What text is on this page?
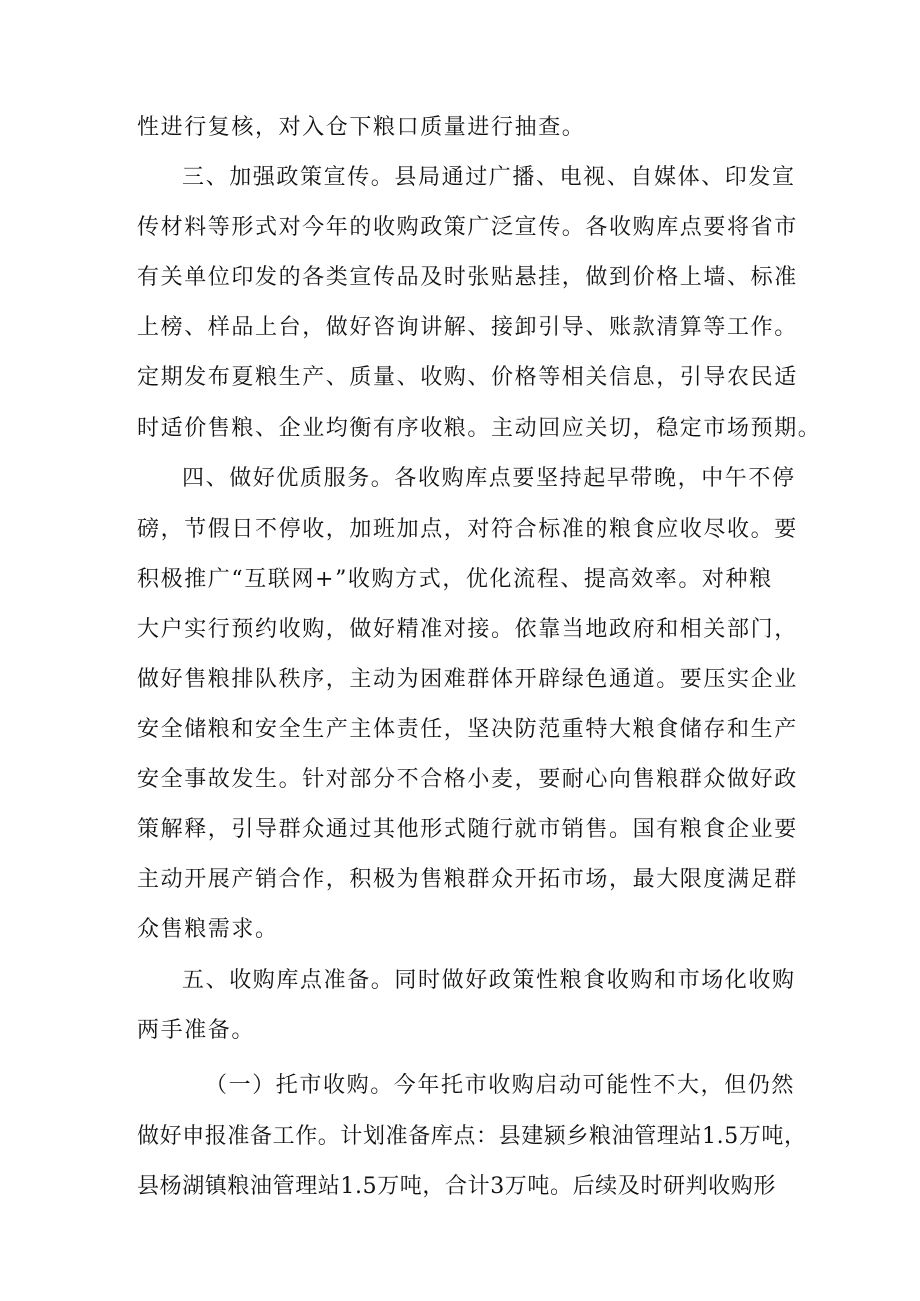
性进行复核，对入仓下粮口质量进行抽查。
三、加强政策宣传。县局通过广播、电视、自媒体、印发宣
传材料等形式对今年的收购政策广泛宣传。各收购库点要将省市
有关单位印发的各类宣传品及时张贴悬挂，做到价格上墙、标准
上榜、样品上台，做好咨询讲解、接卸引导、账款清算等工作。
定期发布夏粮生产、质量、收购、价格等相关信息，引导农民适
时适价售粮、企业均衡有序收粮。主动回应关切，稳定市场预期。
四、做好优质服务。各收购库点要坚持起早带晚，中午不停
磅，节假日不停收，加班加点，对符合标准的粮食应收尽收。要
积极推广“互联网+”收购方式，优化流程、提高效率。对种粮
大户实行预约收购，做好精准对接。依靠当地政府和相关部门，
做好售粮排队秩序，主动为困难群体开辟绿色通道。要压实企业
安全储粮和安全生产主体责任，坚决防范重特大粮食储存和生产
安全事故发生。针对部分不合格小麦，要耐心向售粮群众做好政
策解释，引导群众通过其他形式随行就市销售。国有粮食企业要
主动开展产销合作，积极为售粮群众开拓市场，最大限度满足群
众售粮需求。
五、收购库点准备。同时做好政策性粮食收购和市场化收购
两手准备。
（一）托市收购。今年托市收购启动可能性不大，但仍然
做好申报准备工作。计划准备库点：县建颍乡粮油管理站1.5万吨，
县杨湖镇粮油管理站1.5万吨，合计3万吨。后续及时研判收购形
